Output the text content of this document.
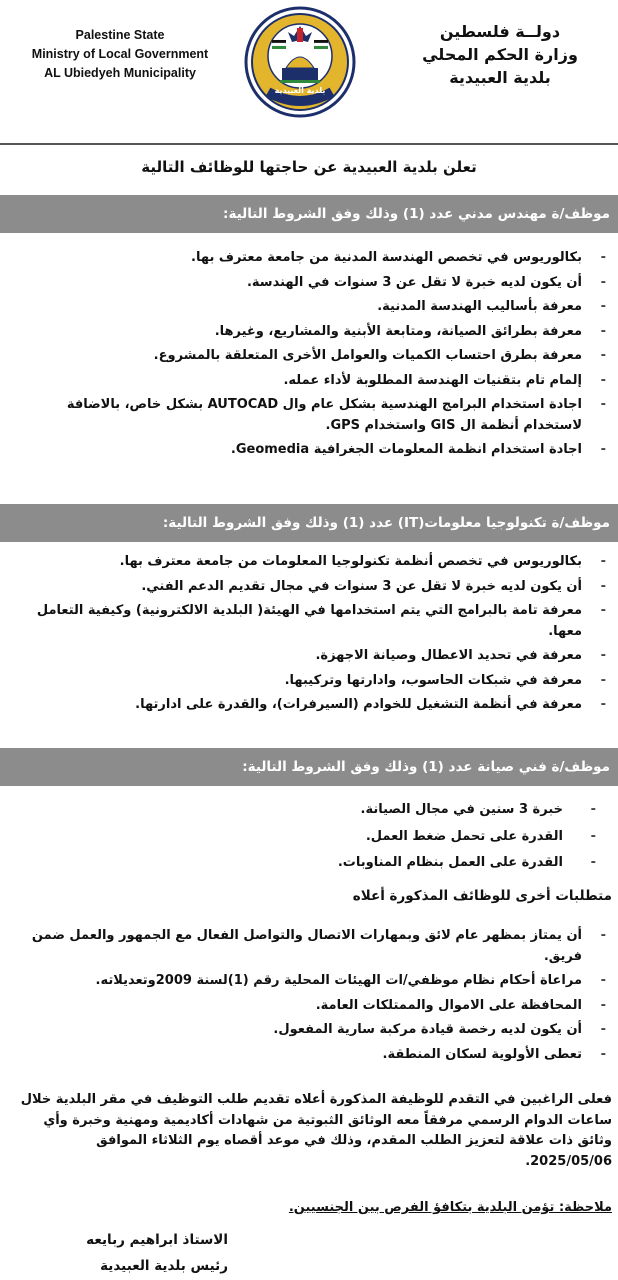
Palestine State
Ministry of Local Government
AL Ubiedyeh Municipality
بلدية العبيدية
دولــة فلسطين
وزارة الحكم المحلي
بلدية العبيدية
تعلن بلدية العبيدية عن حاجتها للوظائف التالية
موظف/ة مهندس مدني عدد (1) وذلك وفق الشروط التالية:
-
بكالوريوس في تخصص الهندسة المدنية من جامعة معترف بها.
-
أن يكون لديه خبرة لا تقل عن 3 سنوات في الهندسة.
-
معرفة بأساليب الهندسة المدنية.
-
معرفة بطرائق الصيانة، ومتابعة الأبنية والمشاريع، وغيرها.
-
معرفة بطرق احتساب الكميات والعوامل الأخرى المتعلقة بالمشروع.
-
إلمام تام بتقنيات الهندسة المطلوبة لأداء عمله.
-
اجادة استخدام البرامج الهندسية بشكل عام وال AUTOCAD بشكل خاص، بالاضافة لاستخدام أنظمة ال GIS واستخدام GPS.
-
اجادة استخدام انظمة المعلومات الجغرافية Geomedia.
موظف/ة تكنولوجيا معلومات(IT) عدد (1) وذلك وفق الشروط التالية:
-
بكالوريوس في تخصص أنظمة تكنولوجيا المعلومات من جامعة معترف بها.
-
أن يكون لديه خبرة لا تقل عن 3 سنوات في مجال تقديم الدعم الفني.
-
معرفة تامة بالبرامج التي يتم استخدامها في الهيئة( البلدية الالكترونية) وكيفية التعامل معها.
-
معرفة في تحديد الاعطال وصيانة الاجهزة.
-
معرفة في شبكات الحاسوب، وادارتها وتركيبها.
-
معرفة في أنظمة التشغيل للخوادم (السيرفرات)، والقدرة على ادارتها.
موظف/ة فني صيانة عدد (1) وذلك وفق الشروط التالية:
-
خبرة 3 سنين في مجال الصيانة.
-
القدرة على تحمل ضغط العمل.
-
القدرة على العمل بنظام المناوبات.
متطلبات أخرى للوظائف المذكورة أعلاه
-
أن يمتاز بمظهر عام لائق وبمهارات الاتصال والتواصل الفعال مع الجمهور والعمل ضمن فريق.
-
مراعاة أحكام نظام موظفي/ات الهيئات المحلية رقم (1)لسنة 2009وتعديلاته.
-
المحافظة على الاموال والممتلكات العامة.
-
أن يكون لديه رخصة قيادة مركبة سارية المفعول.
-
تعطى الأولوية لسكان المنطقة.
فعلى الراغبين في التقدم للوظيفة المذكورة أعلاه تقديم طلب التوظيف في مقر البلدية خلال ساعات الدوام الرسمي مرفقاً معه الوثائق الثبوتية من شهادات أكاديمية ومهنية وخبرة وأي وثائق ذات علاقة لتعزيز الطلب المقدم، وذلك في موعد أقصاه يوم الثلاثاء الموافق 2025/05/06.
ملاحظة: تؤمن البلدية بتكافؤ الفرص بين الجنسيين.
الاستاذ ابراهيم ربايعه
رئيس بلدية العبيدية
